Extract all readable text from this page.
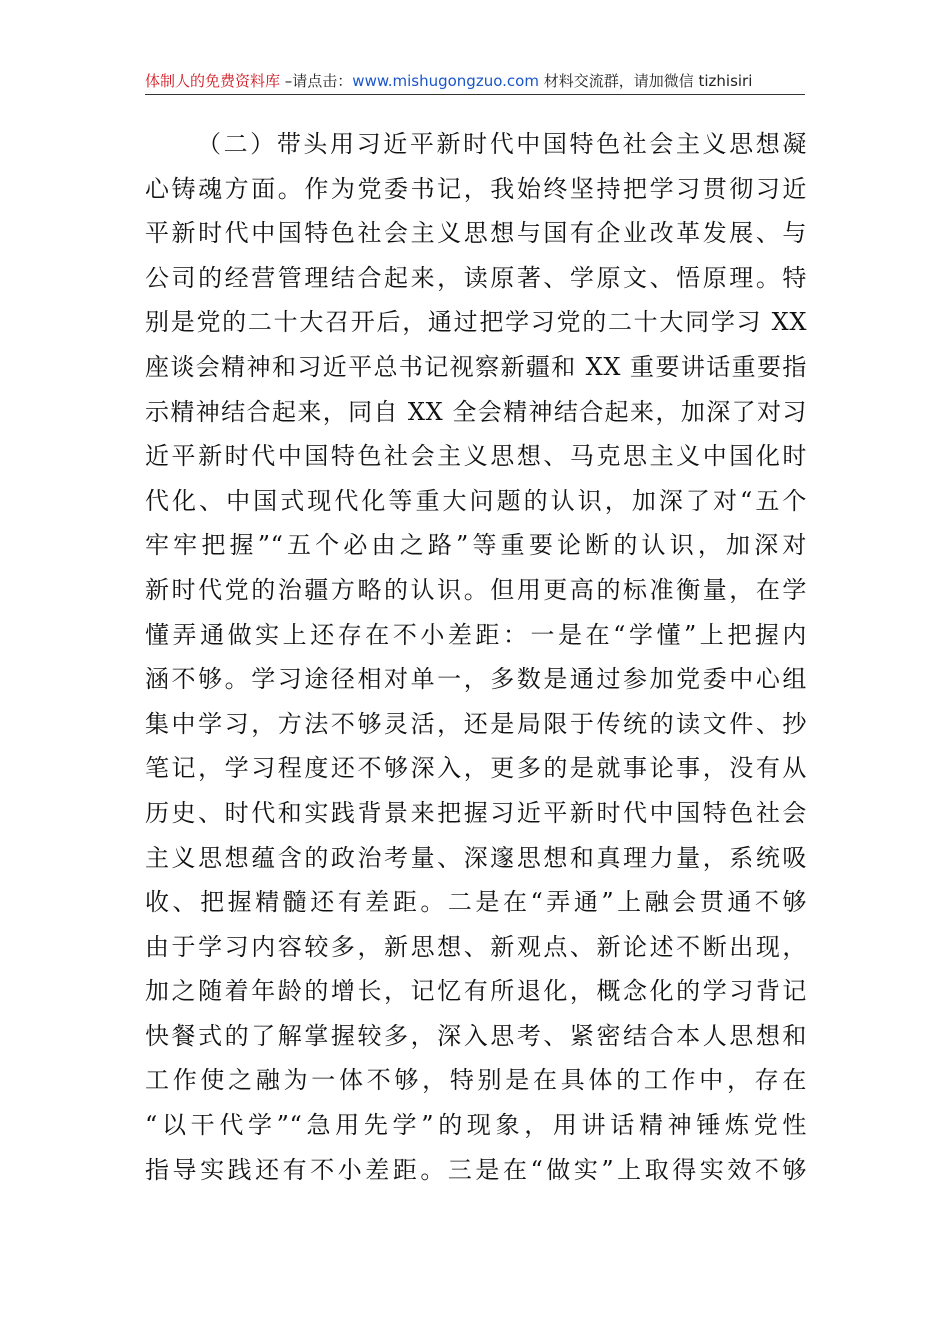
体制人的免费资料库 –请点击：www.mishugongzuo.com 材料交流群，请加微信 tizhisiri
（二）带头用习近平新时代中国特色社会主义思想凝
心铸魂方面。作为党委书记，我始终坚持把学习贯彻习近
平新时代中国特色社会主义思想与国有企业改革发展、与
公司的经营管理结合起来，读原著、学原文、悟原理。特
别是党的二十大召开后，通过把学习党的二十大同学习 XX
座谈会精神和习近平总书记视察新疆和 XX 重要讲话重要指
示精神结合起来，同自 XX 全会精神结合起来，加深了对习
近平新时代中国特色社会主义思想、马克思主义中国化时
代化、中国式现代化等重大问题的认识，加深了对“五个
牢牢把握”“五个必由之路”等重要论断的认识，加深对
新时代党的治疆方略的认识。但用更高的标准衡量，在学
懂弄通做实上还存在不小差距：一是在“学懂”上把握内
涵不够。学习途径相对单一，多数是通过参加党委中心组
集中学习，方法不够灵活，还是局限于传统的读文件、抄
笔记，学习程度还不够深入，更多的是就事论事，没有从
历史、时代和实践背景来把握习近平新时代中国特色社会
主义思想蕴含的政治考量、深邃思想和真理力量，系统吸
收、把握精髓还有差距。二是在“弄通”上融会贯通不够
由于学习内容较多，新思想、新观点、新论述不断出现，
加之随着年龄的增长，记忆有所退化，概念化的学习背记
快餐式的了解掌握较多，深入思考、紧密结合本人思想和
工作使之融为一体不够，特别是在具体的工作中，存在
“以干代学”“急用先学”的现象，用讲话精神锤炼党性
指导实践还有不小差距。三是在“做实”上取得实效不够
